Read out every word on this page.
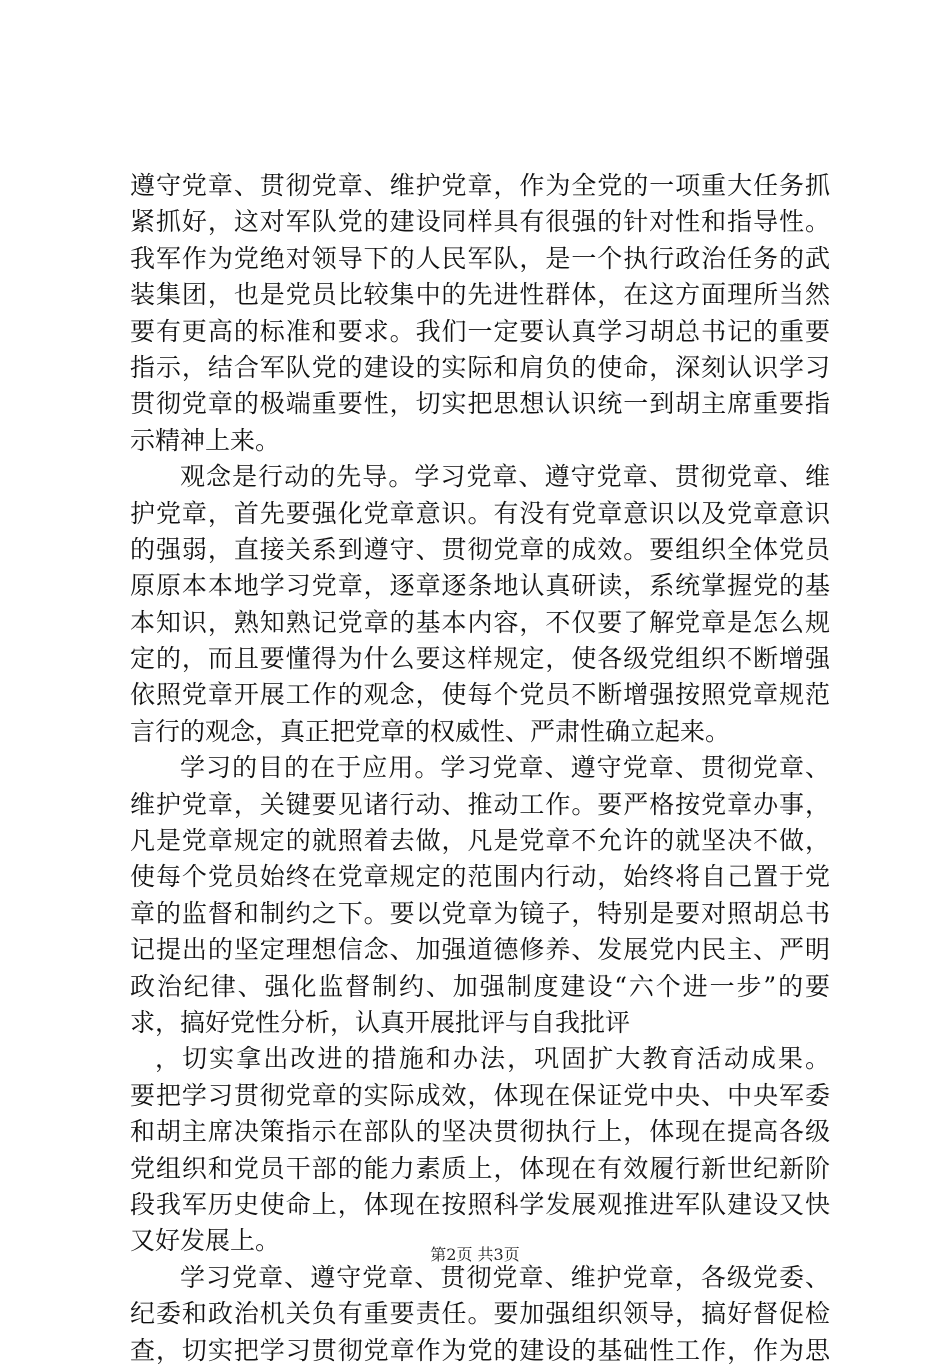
遵守党章、贯彻党章、维护党章，作为全党的一项重大任务抓
紧抓好，这对军队党的建设同样具有很强的针对性和指导性。
我军作为党绝对领导下的人民军队，是一个执行政治任务的武
装集团，也是党员比较集中的先进性群体，在这方面理所当然
要有更高的标准和要求。我们一定要认真学习胡总书记的重要
指示，结合军队党的建设的实际和肩负的使命，深刻认识学习
贯彻党章的极端重要性，切实把思想认识统一到胡主席重要指
示精神上来。
观念是行动的先导。学习党章、遵守党章、贯彻党章、维
护党章，首先要强化党章意识。有没有党章意识以及党章意识
的强弱，直接关系到遵守、贯彻党章的成效。要组织全体党员
原原本本地学习党章，逐章逐条地认真研读，系统掌握党的基
本知识，熟知熟记党章的基本内容，不仅要了解党章是怎么规
定的，而且要懂得为什么要这样规定，使各级党组织不断增强
依照党章开展工作的观念，使每个党员不断增强按照党章规范
言行的观念，真正把党章的权威性、严肃性确立起来。
学习的目的在于应用。学习党章、遵守党章、贯彻党章、
维护党章，关键要见诸行动、推动工作。要严格按党章办事，
凡是党章规定的就照着去做，凡是党章不允许的就坚决不做，
使每个党员始终在党章规定的范围内行动，始终将自己置于党
章的监督和制约之下。要以党章为镜子，特别是要对照胡总书
记提出的坚定理想信念、加强道德修养、发展党内民主、严明
政治纪律、强化监督制约、加强制度建设“六个进一步”的要
求，搞好党性分析，认真开展批评与自我批评
，切实拿出改进的措施和办法，巩固扩大教育活动成果。
要把学习贯彻党章的实际成效，体现在保证党中央、中央军委
和胡主席决策指示在部队的坚决贯彻执行上，体现在提高各级
党组织和党员干部的能力素质上，体现在有效履行新世纪新阶
段我军历史使命上，体现在按照科学发展观推进军队建设又快
又好发展上。
学习党章、遵守党章、贯彻党章、维护党章，各级党委、
纪委和政治机关负有重要责任。要加强组织领导，搞好督促检
查，切实把学习贯彻党章作为党的建设的基础性工作，作为思
第2页 共3页
